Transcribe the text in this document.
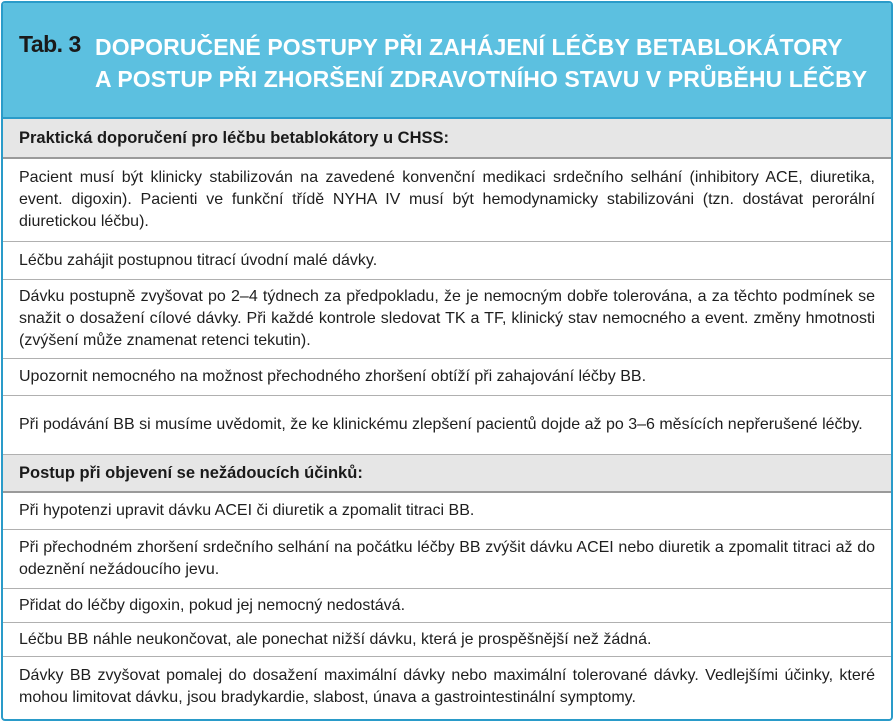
Tab. 3 DOPORUČENÉ POSTUPY PŘI ZAHÁJENÍ LÉČBY BETABLOKÁTORY
A POSTUP PŘI ZHORŠENÍ ZDRAVOTNÍHO STAVU V PRŮBĚHU LÉČBY
Praktická doporučení pro léčbu betablokátory u CHSS:
Pacient musí být klinicky stabilizován na zavedené konvenční medikaci srdečního selhání (inhibitory ACE, diuretika, event. digoxin). Pacienti ve funkční třídě NYHA IV musí být hemodynamicky stabilizováni (tzn. dostávat perorální diuretickou léčbu).
Léčbu zahájit postupnou titrací úvodní malé dávky.
Dávku postupně zvyšovat po 2–4 týdnech za předpokladu, že je nemocným dobře tolerována, a za těchto podmínek se snažit o dosažení cílové dávky. Při každé kontrole sledovat TK a TF, klinický stav nemocného a event. změny hmotnosti (zvýšení může znamenat retenci tekutin).
Upozornit nemocného na možnost přechodného zhoršení obtíží při zahajování léčby BB.
Při podávání BB si musíme uvědomit, že ke klinickému zlepšení pacientů dojde až po 3–6 měsících nepřerušené léčby.
Postup při objevení se nežádoucích účinků:
Při hypotenzi upravit dávku ACEI či diuretik a zpomalit titraci BB.
Při přechodném zhoršení srdečního selhání na počátku léčby BB zvýšit dávku ACEI nebo diuretik a zpomalit titraci až do odeznění nežádoucího jevu.
Přidat do léčby digoxin, pokud jej nemocný nedostává.
Léčbu BB náhle neukončovat, ale ponechat nižší dávku, která je prospěšnější než žádná.
Dávky BB zvyšovat pomalej do dosažení maximální dávky nebo maximální tolerované dávky. Vedlejšími účinky, které mohou limitovat dávku, jsou bradykardie, slabost, únava a gastrointestinální symptomy.
